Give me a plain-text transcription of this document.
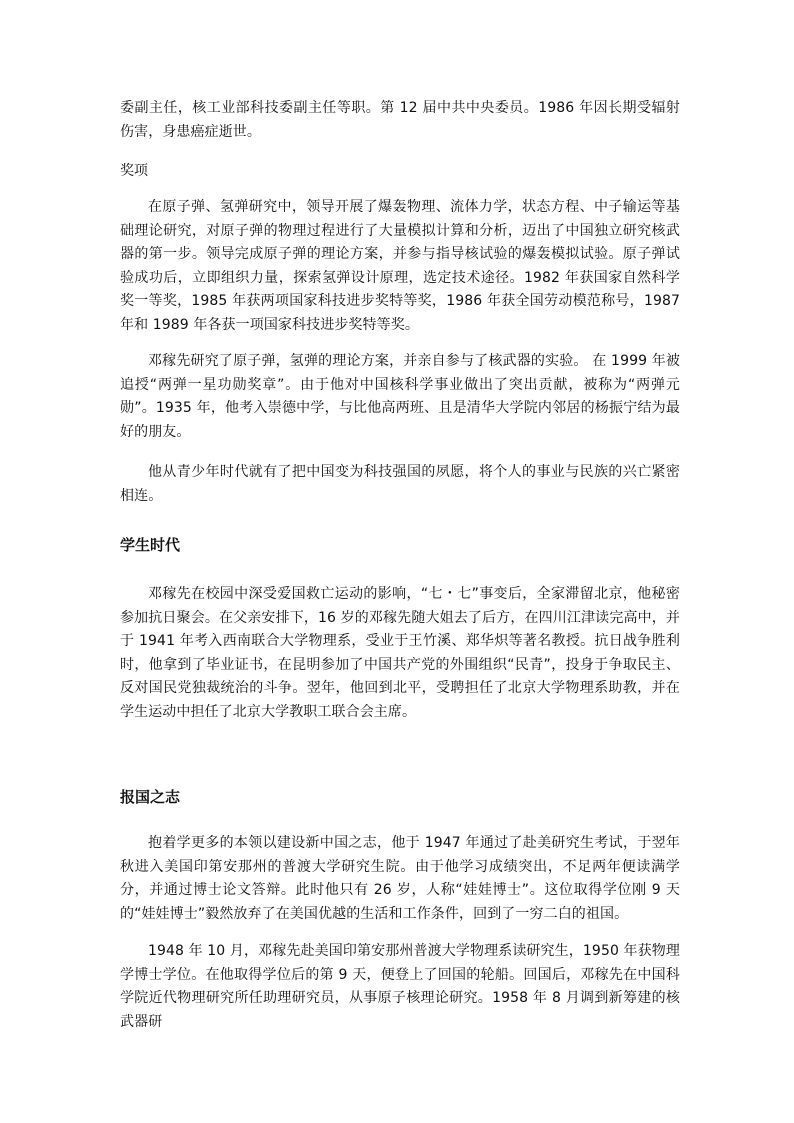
委副主任，核工业部科技委副主任等职。第 12 届中共中央委员。1986 年因长期受辐射伤害，身患癌症逝世。

奖项

在原子弹、氢弹研究中，领导开展了爆轰物理、流体力学，状态方程、中子输运等基础理论研究，对原子弹的物理过程进行了大量模拟计算和分析，迈出了中国独立研究核武器的第一步。领导完成原子弹的理论方案，并参与指导核试验的爆轰模拟试验。原子弹试验成功后，立即组织力量，探索氢弹设计原理，选定技术途径。1982 年获国家自然科学奖一等奖，1985 年获两项国家科技进步奖特等奖，1986 年获全国劳动模范称号，1987 年和 1989 年各获一项国家科技进步奖特等奖。

邓稼先研究了原子弹，氢弹的理论方案，并亲自参与了核武器的实验。 在 1999 年被追授“两弹一星功勋奖章”。由于他对中国核科学事业做出了突出贡献，被称为“两弹元勋”。1935 年，他考入崇德中学，与比他高两班、且是清华大学院内邻居的杨振宁结为最好的朋友。

他从青少年时代就有了把中国变为科技强国的夙愿，将个人的事业与民族的兴亡紧密相连。

学生时代

邓稼先在校园中深受爱国救亡运动的影响，“七・七”事变后，全家滞留北京，他秘密参加抗日聚会。在父亲安排下，16 岁的邓稼先随大姐去了后方，在四川江津读完高中，并于 1941 年考入西南联合大学物理系，受业于王竹溪、郑华炽等著名教授。抗日战争胜利时，他拿到了毕业证书，在昆明参加了中国共产党的外围组织“民青”，投身于争取民主、反对国民党独裁统治的斗争。翌年，他回到北平，受聘担任了北京大学物理系助教，并在学生运动中担任了北京大学教职工联合会主席。

报国之志

抱着学更多的本领以建设新中国之志，他于 1947 年通过了赴美研究生考试，于翌年秋进入美国印第安那州的普渡大学研究生院。由于他学习成绩突出，不足两年便读满学分，并通过博士论文答辩。此时他只有 26 岁，人称“娃娃博士”。这位取得学位刚 9 天的“娃娃博士”毅然放弃了在美国优越的生活和工作条件，回到了一穷二白的祖国。

1948 年 10 月，邓稼先赴美国印第安那州普渡大学物理系读研究生，1950 年获物理学博士学位。在他取得学位后的第 9 天，便登上了回国的轮船。回国后，邓稼先在中国科学院近代物理研究所任助理研究员，从事原子核理论研究。1958 年 8 月调到新筹建的核武器研
